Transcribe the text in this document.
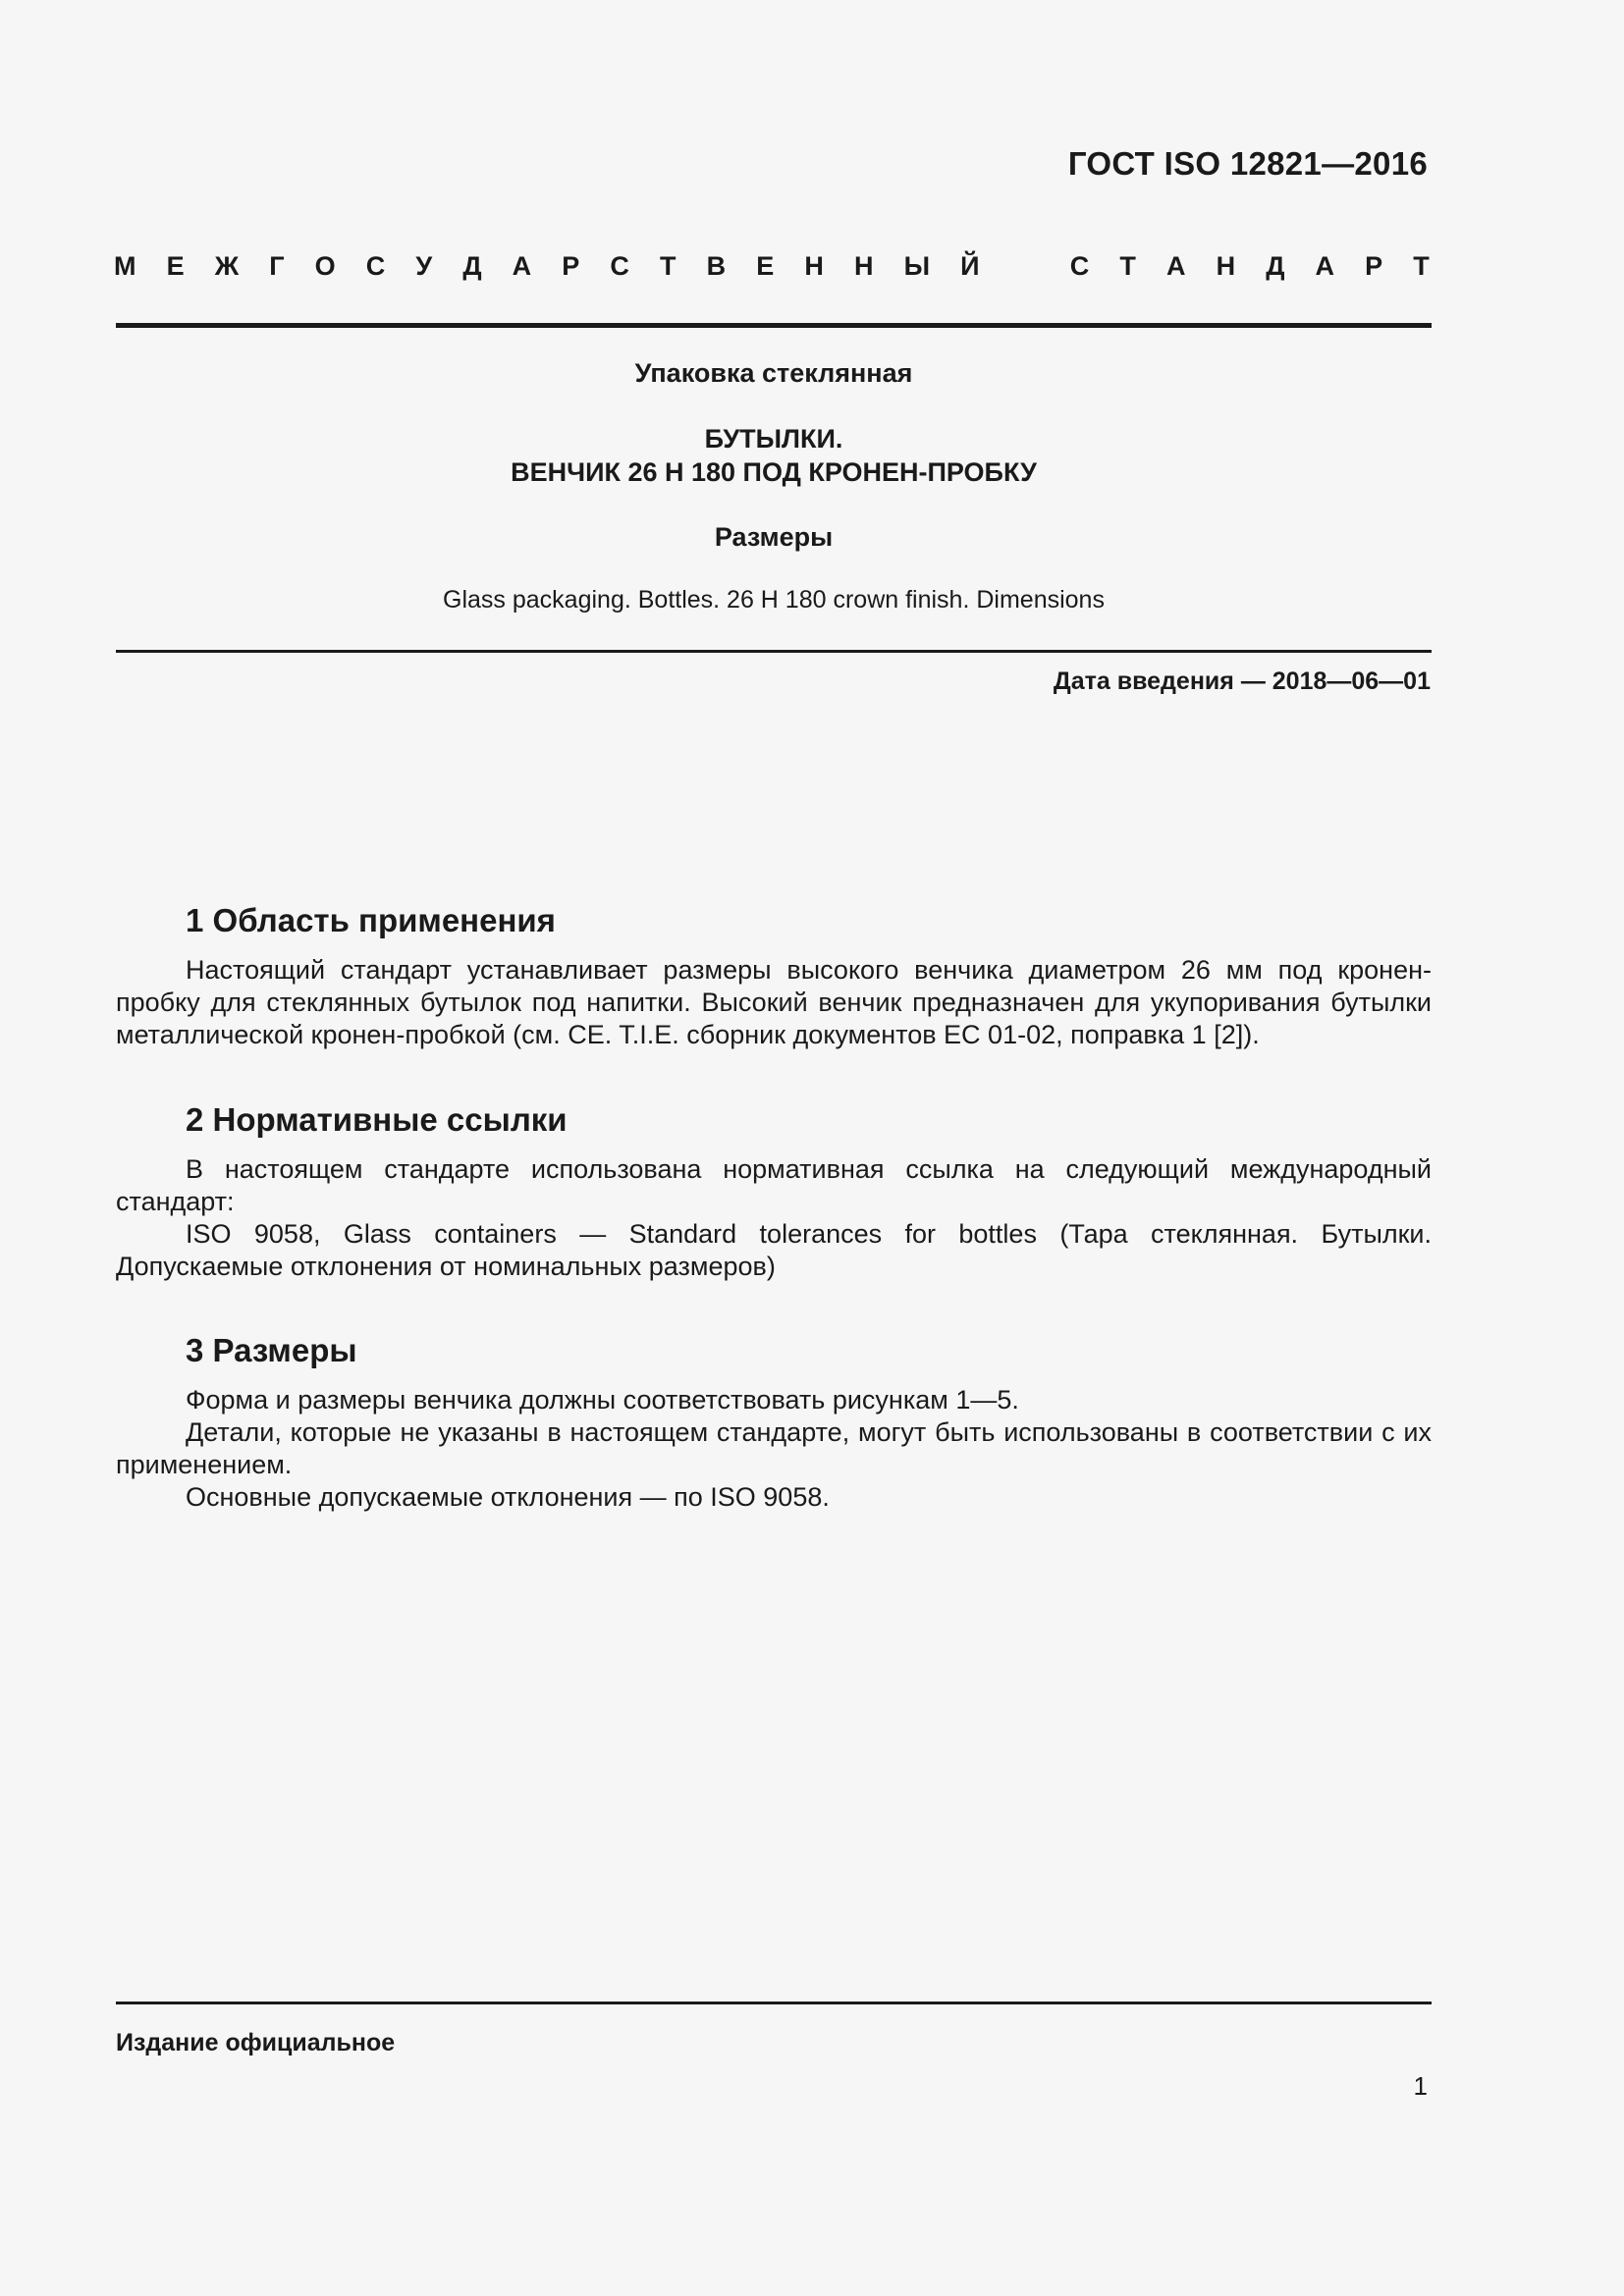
ГОСТ ISO 12821—2016
М Е Ж Г О С У Д А Р С Т В Е Н Н Ы Й	С Т А Н Д А Р Т
Упаковка стеклянная
БУТЫЛКИ.
ВЕНЧИК 26 Н 180 ПОД КРОНЕН-ПРОБКУ
Размеры
Glass packaging. Bottles. 26 H 180 crown finish. Dimensions
Дата введения — 2018—06—01
1 Область применения

Настоящий стандарт устанавливает размеры высокого венчика диаметром 26 мм под кронен-пробку для стеклянных бутылок под напитки. Высокий венчик предназначен для укупоривания бутылки металлической кронен-пробкой (см. CE. T.I.E. сборник документов ЕС 01-02, поправка 1 [2]).

2 Нормативные ссылки

В настоящем стандарте использована нормативная ссылка на следующий международный стандарт:

ISO 9058, Glass containers — Standard tolerances for bottles (Тара стеклянная. Бутылки. Допускаемые отклонения от номинальных размеров)

3 Размеры

Форма и размеры венчика должны соответствовать рисункам 1—5.

Детали, которые не указаны в настоящем стандарте, могут быть использованы в соответствии с их применением.

Основные допускаемые отклонения — по ISO 9058.

Издание официальное
1
